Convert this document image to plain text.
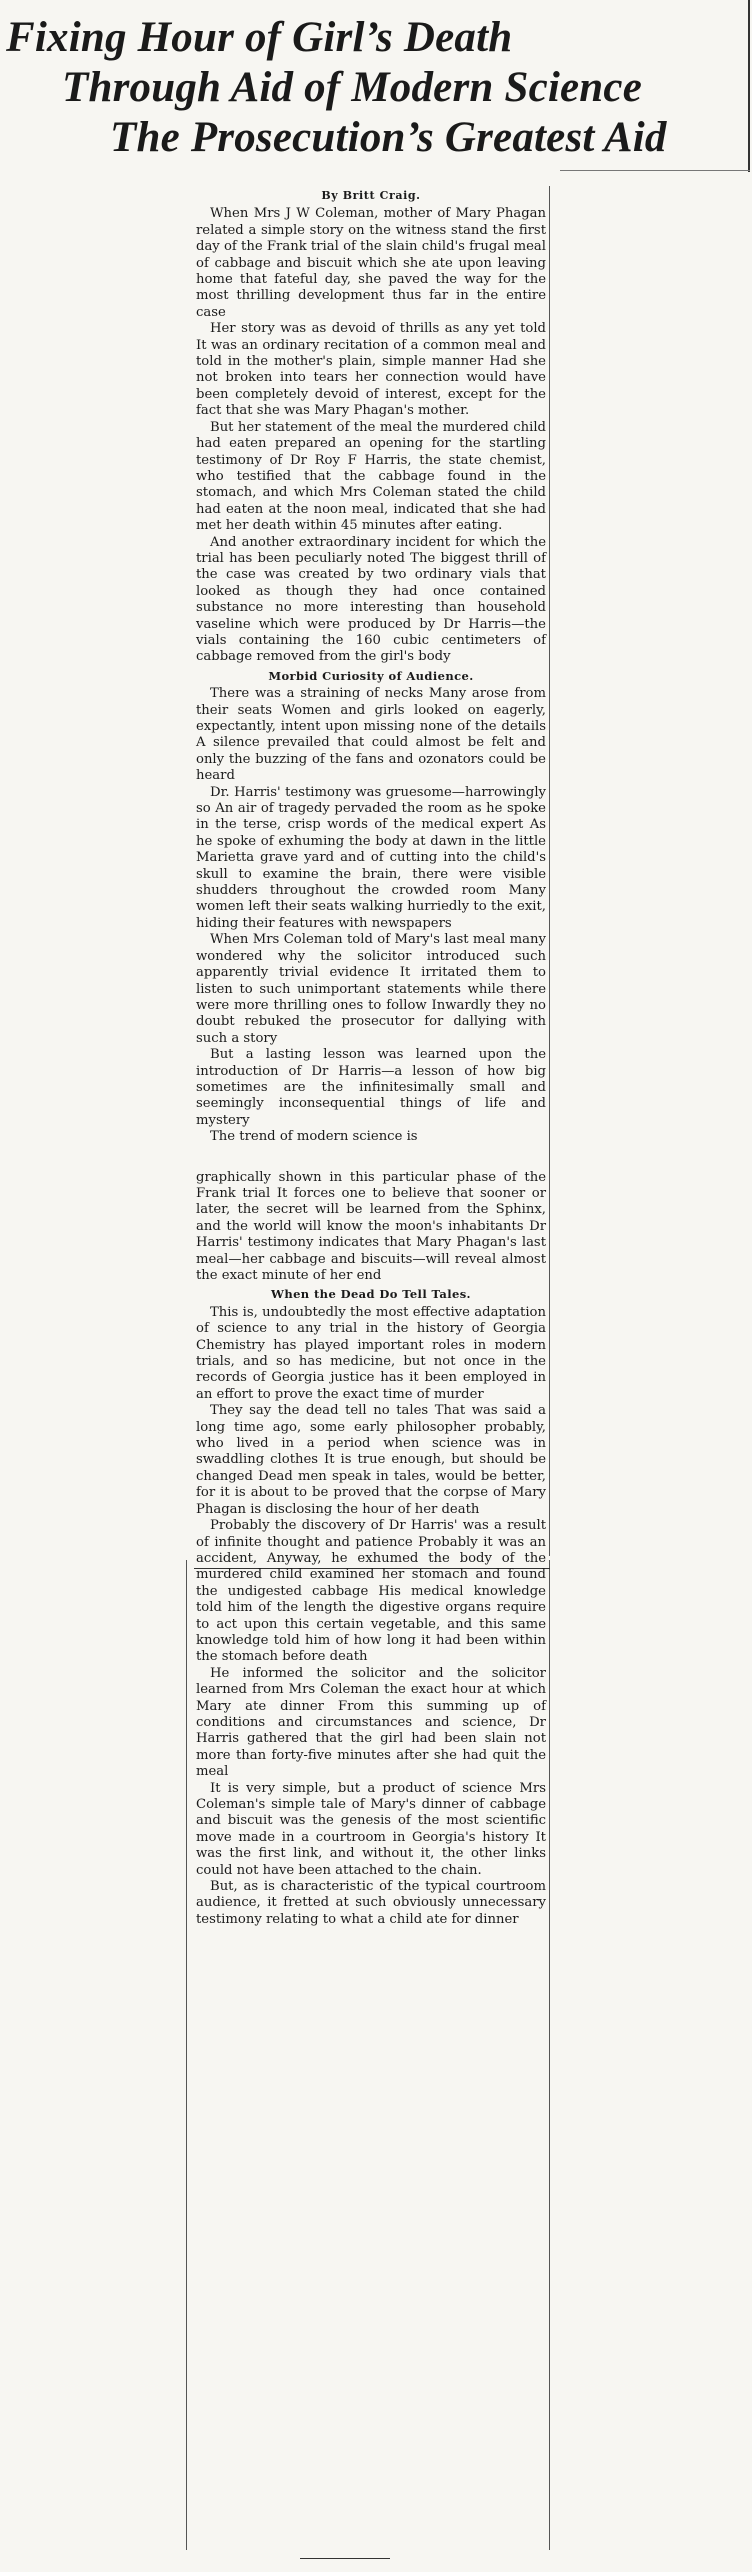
Fixing Hour of Girl’s Death
Through Aid of Modern Science
The Prosecution’s Greatest Aid

By Britt Craig.

When Mrs J W Coleman, mother of Mary Phagan related a simple story on the witness stand the first day of the Frank trial of the slain child's frugal meal of cabbage and biscuit which she ate upon leaving home that fateful day, she paved the way for the most thrilling development thus far in the entire case

Her story was as devoid of thrills as any yet told It was an ordinary recitation of a common meal and told in the mother's plain, simple manner Had she not broken into tears her connection would have been completely devoid of interest, except for the fact that she was Mary Phagan's mother.

But her statement of the meal the murdered child had eaten prepared an opening for the startling testimony of Dr Roy F Harris, the state chemist, who testified that the cabbage found in the stomach, and which Mrs Coleman stated the child had eaten at the noon meal, indicated that she had met her death within 45 minutes after eating.

And another extraordinary incident for which the trial has been peculiarly noted The biggest thrill of the case was created by two ordinary vials that looked as though they had once contained substance no more interesting than household vaseline which were produced by Dr Harris—the vials containing the 160 cubic centimeters of cabbage removed from the girl's body

Morbid Curiosity of Audience.

There was a straining of necks Many arose from their seats Women and girls looked on eagerly, expectantly, intent upon missing none of the details A silence prevailed that could almost be felt and only the buzzing of the fans and ozonators could be heard

Dr. Harris' testimony was gruesome—harrowingly so An air of tragedy pervaded the room as he spoke in the terse, crisp words of the medical expert As he spoke of exhuming the body at dawn in the little Marietta grave yard and of cutting into the child's skull to examine the brain, there were visible shudders throughout the crowded room Many women left their seats walking hurriedly to the exit, hiding their features with newspapers

When Mrs Coleman told of Mary's last meal many wondered why the solicitor introduced such apparently trivial evidence It irritated them to listen to such unimportant statements while there were more thrilling ones to follow Inwardly they no doubt rebuked the prosecutor for dallying with such a story

But a lasting lesson was learned upon the introduction of Dr Harris—a lesson of how big sometimes are the infinitesimally small and seemingly inconsequential things of life and mystery

The trend of modern science is

graphically shown in this particular phase of the Frank trial It forces one to believe that sooner or later, the secret will be learned from the Sphinx, and the world will know the moon's inhabitants Dr Harris' testimony indicates that Mary Phagan's last meal—her cabbage and biscuits—will reveal almost the exact minute of her end

When the Dead Do Tell Tales.

This is, undoubtedly the most effective adaptation of science to any trial in the history of Georgia Chemistry has played important roles in modern trials, and so has medicine, but not once in the records of Georgia justice has it been employed in an effort to prove the exact time of murder

They say the dead tell no tales That was said a long time ago, some early philosopher probably, who lived in a period when science was in swaddling clothes It is true enough, but should be changed Dead men speak in tales, would be better, for it is about to be proved that the corpse of Mary Phagan is disclosing the hour of her death

Probably the discovery of Dr Harris' was a result of infinite thought and patience Probably it was an accident, Anyway, he exhumed the body of the murdered child examined her stomach and found the undigested cabbage His medical knowledge told him of the length the digestive organs require to act upon this certain vegetable, and this same knowledge told him of how long it had been within the stomach before death

He informed the solicitor and the solicitor learned from Mrs Coleman the exact hour at which Mary ate dinner From this summing up of conditions and circumstances and science, Dr Harris gathered that the girl had been slain not more than forty-five minutes after she had quit the meal

It is very simple, but a product of science Mrs Coleman's simple tale of Mary's dinner of cabbage and biscuit was the genesis of the most scientific move made in a courtroom in Georgia's history It was the first link, and without it, the other links could not have been attached to the chain.

But, as is characteristic of the typical courtroom audience, it fretted at such obviously unnecessary testimony relating to what a child ate for dinner
